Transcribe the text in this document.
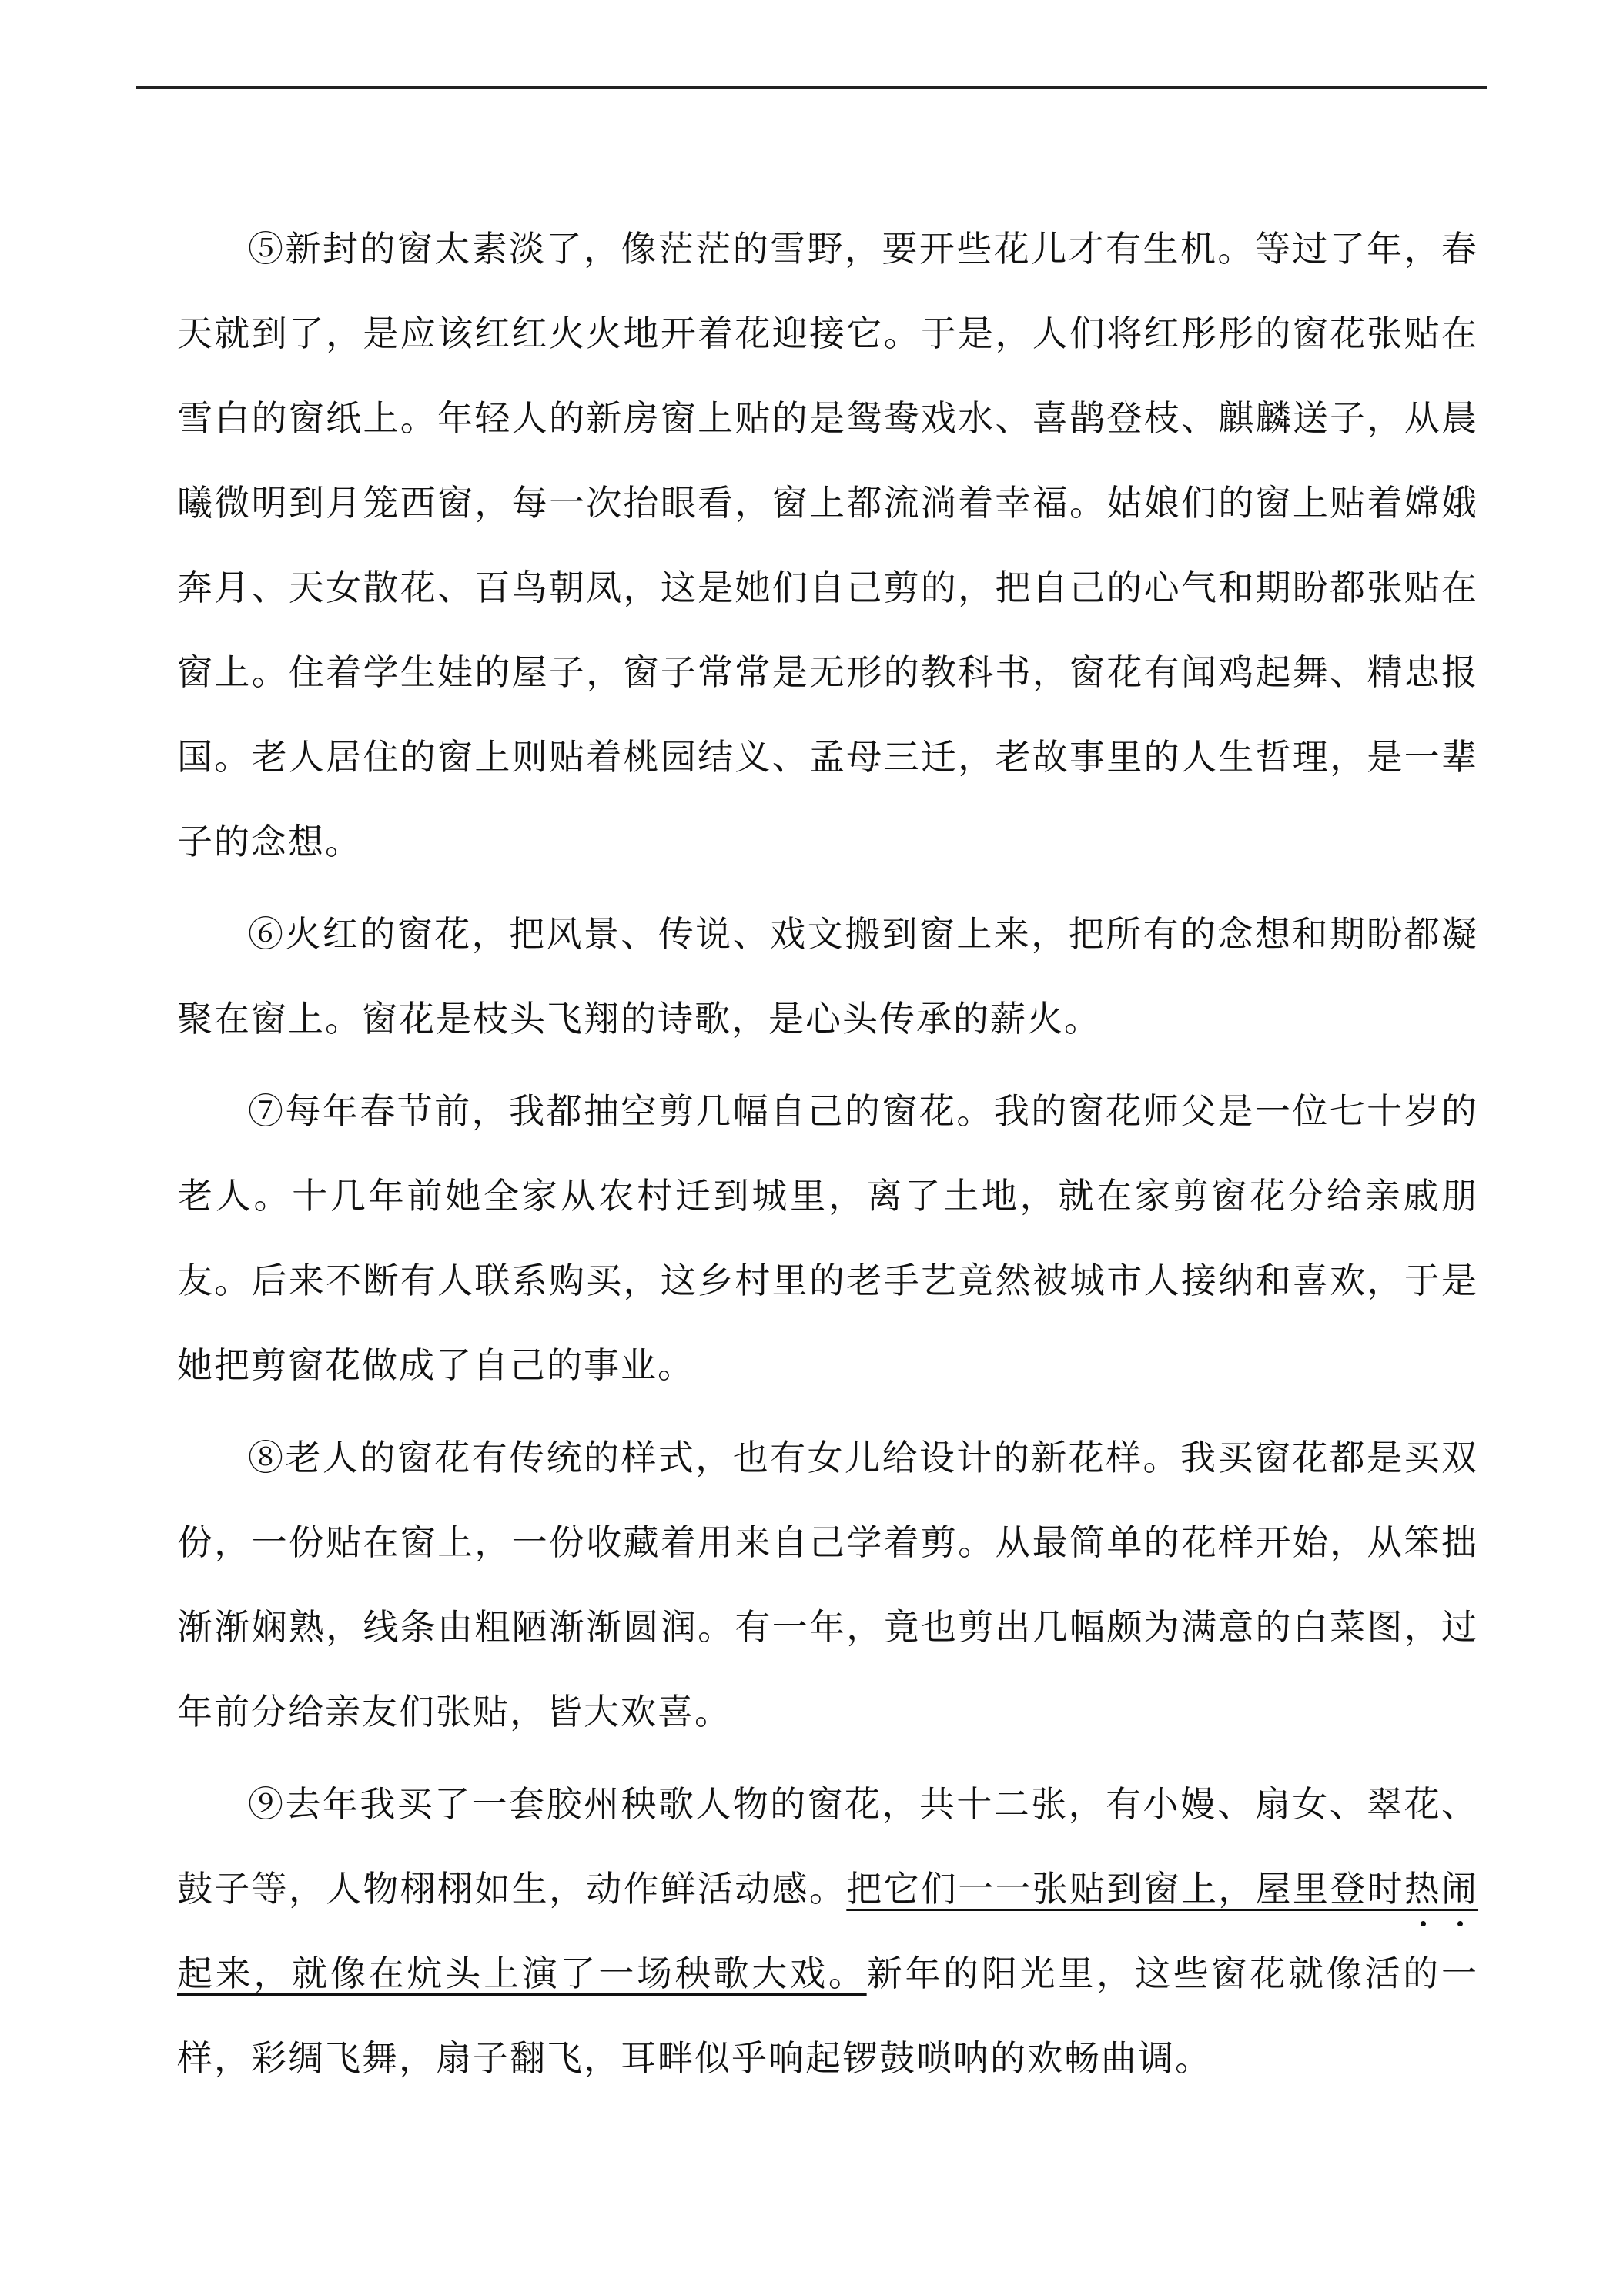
⑤新封的窗太素淡了，像茫茫的雪野，要开些花儿才有生机。等过了年，春天就到了，是应该红红火火地开着花迎接它。于是，人们将红彤彤的窗花张贴在雪白的窗纸上。年轻人的新房窗上贴的是鸳鸯戏水、喜鹊登枝、麒麟送子，从晨曦微明到月笼西窗，每一次抬眼看，窗上都流淌着幸福。姑娘们的窗上贴着嫦娥奔月、天女散花、百鸟朝凤，这是她们自己剪的，把自己的心气和期盼都张贴在窗上。住着学生娃的屋子，窗子常常是无形的教科书，窗花有闻鸡起舞、精忠报国。老人居住的窗上则贴着桃园结义、孟母三迁，老故事里的人生哲理，是一辈子的念想。

⑥火红的窗花，把风景、传说、戏文搬到窗上来，把所有的念想和期盼都凝聚在窗上。窗花是枝头飞翔的诗歌，是心头传承的薪火。

⑦每年春节前，我都抽空剪几幅自己的窗花。我的窗花师父是一位七十岁的老人。十几年前她全家从农村迁到城里，离了土地，就在家剪窗花分给亲戚朋友。后来不断有人联系购买，这乡村里的老手艺竟然被城市人接纳和喜欢，于是她把剪窗花做成了自己的事业。

⑧老人的窗花有传统的样式，也有女儿给设计的新花样。我买窗花都是买双份，一份贴在窗上，一份收藏着用来自己学着剪。从最简单的花样开始，从笨拙渐渐娴熟，线条由粗陋渐渐圆润。有一年，竟也剪出几幅颇为满意的白菜图，过年前分给亲友们张贴，皆大欢喜。

⑨去年我买了一套胶州秧歌人物的窗花，共十二张，有小嫚、扇女、翠花、鼓子等，人物栩栩如生，动作鲜活动感。把它们一一张贴到窗上，屋里登时热闹起来，就像在炕头上演了一场秧歌大戏。新年的阳光里，这些窗花就像活的一样，彩绸飞舞，扇子翻飞，耳畔似乎响起锣鼓唢呐的欢畅曲调。
